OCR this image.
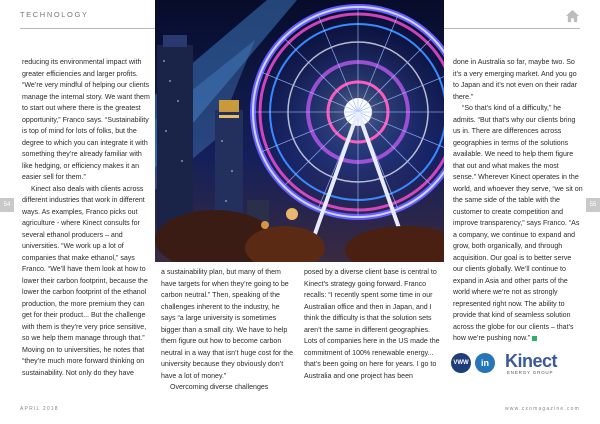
TECHNOLOGY
54	55

reducing its environmental impact with greater efficiencies and larger profits. “We’re very mindful of helping our clients manage the internal story. We want them to start out where there is the greatest opportunity,” Franco says. “Sustainability is top of mind for lots of folks, but the degree to which you can integrate it with something they’re already familiar with like hedging, or efficiency makes it an easier sell for them.”

Kinect also deals with clients across different industries that work in different ways. As examples, Franco picks out agriculture - where Kinect consults for several ethanol producers – and universities. “We work up a lot of companies that make ethanol,” says Franco. “We’ll have them look at how to lower their carbon footprint, because the lower the carbon footprint of the ethanol production, the more premium they can get for their product... But the challenge with them is they’re very price sensitive, so we help them manage through that.” Moving on to universities, he notes that “they’re much more forward thinking on sustainability. Not only do they have

a sustainability plan, but many of them have targets for when they’re going to be carbon neutral.” Then, speaking of the challenges inherent to the industry, he says “a large university is sometimes bigger than a small city. We have to help them figure out how to become carbon neutral in a way that isn’t huge cost for the university because they obviously don’t have a lot of money.”

Overcoming diverse challenges

posed by a diverse client base is central to Kinect’s strategy going forward. Franco recalls: “I recently spent some time in our Australian office and then in Japan, and I think the difficulty is that the solution sets aren’t the same in different geographies. Lots of companies here in the US made the commitment of 100% renewable energy... that’s been going on here for years. I go to Australia and one project has been

done in Australia so far, maybe two. So it’s a very emerging market. And you go to Japan and it’s not even on their radar there.”

“So that’s kind of a difficulty,” he admits. “But that’s why our clients bring us in. There are differences across geographies in terms of the solutions available. We need to help them figure that out and what makes the most sense.” Wherever Kinect operates in the world, and whoever they serve, “we sit on the same side of the table with the customer to create competition and improve transparency,” says Franco. “As a company, we continue to expand and grow, both organically, and through acquisition. Our goal is to better serve our clients globally. We’ll continue to expand in Asia and other parts of the world where we’re not as strongly represented right now. The ability to provide that kind of seamless solution across the globe for our clients – that’s how we’re pushing now.”

VWW	in Kinect
ENERGY GROUP
APRIL 2018	www.cxomagazine.com
